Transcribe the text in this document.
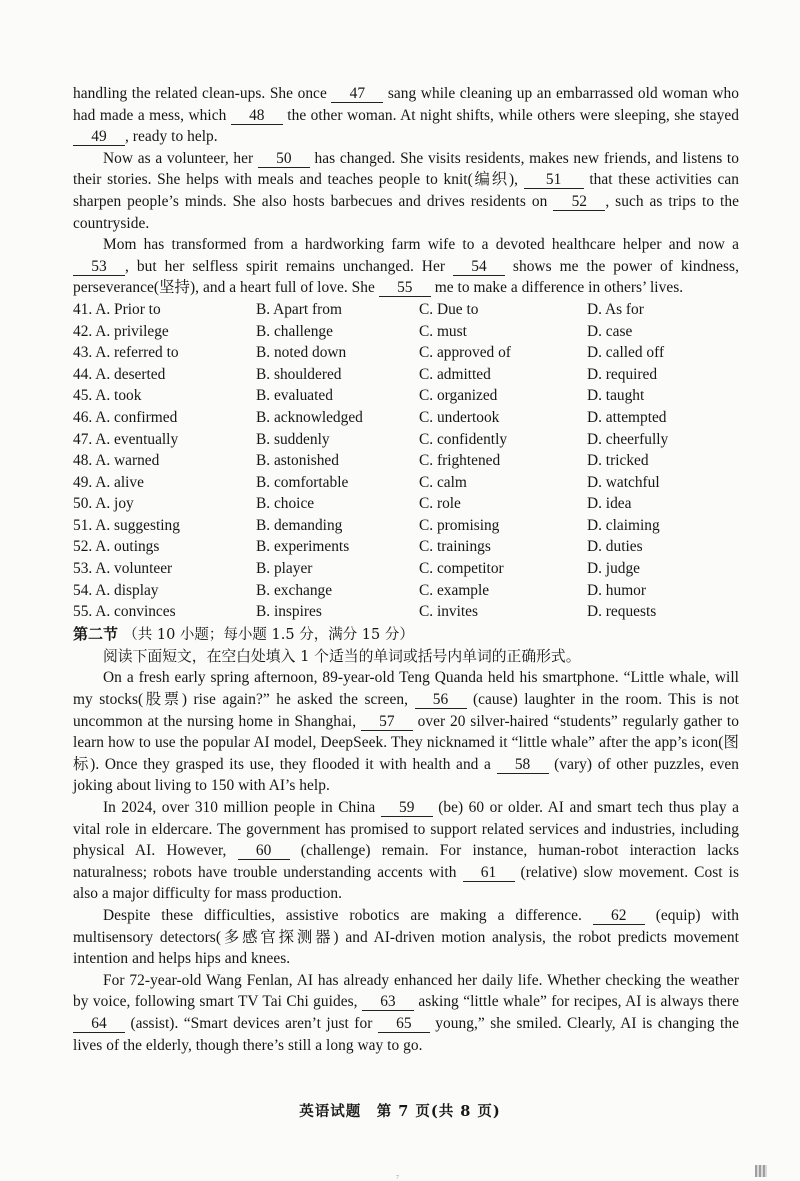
handling the related clean-ups. She once 47 sang while cleaning up an embarrassed old woman who had made a mess, which 48 the other woman. At night shifts, while others were sleeping, she stayed 49 , ready to help.

Now as a volunteer, her 50 has changed. She visits residents, makes new friends, and listens to their stories. She helps with meals and teaches people to knit(编织), 51 that these activities can sharpen people’s minds. She also hosts barbecues and drives residents on 52 , such as trips to the countryside.

Mom has transformed from a hardworking farm wife to a devoted healthcare helper and now a 53 , but her selfless spirit remains unchanged. Her 54 shows me the power of kindness, perseverance(坚持), and a heart full of love. She 55 me to make a difference in others’ lives.

41. A. Prior to	B. Apart from	C. Due to	D. As for
42. A. privilege	B. challenge	C. must	D. case
43. A. referred to	B. noted down	C. approved of	D. called off
44. A. deserted	B. shouldered	C. admitted	D. required
45. A. took	B. evaluated	C. organized	D. taught
46. A. confirmed	B. acknowledged	C. undertook	D. attempted
47. A. eventually	B. suddenly	C. confidently	D. cheerfully
48. A. warned	B. astonished	C. frightened	D. tricked
49. A. alive	B. comfortable	C. calm	D. watchful
50. A. joy	B. choice	C. role	D. idea
51. A. suggesting	B. demanding	C. promising	D. claiming
52. A. outings	B. experiments	C. trainings	D. duties
53. A. volunteer	B. player	C. competitor	D. judge
54. A. display	B. exchange	C. example	D. humor
55. A. convinces	B. inspires	C. invites	D. requests

第二节 （共 10 小题；每小题 1.5 分，满分 15 分）

阅读下面短文，在空白处填入 1 个适当的单词或括号内单词的正确形式。

On a fresh early spring afternoon, 89-year-old Teng Quanda held his smartphone. “Little whale, will my stocks(股票) rise again?” he asked the screen, 56 (cause) laughter in the room. This is not uncommon at the nursing home in Shanghai, 57 over 20 silver-haired “students” regularly gather to learn how to use the popular AI model, DeepSeek. They nicknamed it “little whale” after the app’s icon(图标). Once they grasped its use, they flooded it with health and a 58 (vary) of other puzzles, even joking about living to 150 with AI’s help.

In 2024, over 310 million people in China 59 (be) 60 or older. AI and smart tech thus play a vital role in eldercare. The government has promised to support related services and industries, including physical AI. However, 60 (challenge) remain. For instance, human-robot interaction lacks naturalness; robots have trouble understanding accents with 61 (relative) slow movement. Cost is also a major difficulty for mass production.

Despite these difficulties, assistive robotics are making a difference. 62 (equip) with multisensory detectors(多感官探测器) and AI-driven motion analysis, the robot predicts movement intention and helps hips and knees.

For 72-year-old Wang Fenlan, AI has already enhanced her daily life. Whether checking the weather by voice, following smart TV Tai Chi guides, 63 asking “little whale” for recipes, AI is always there 64 (assist). “Smart devices aren’t just for 65 young,” she smiled. Clearly, AI is changing the lives of the elderly, though there’s still a long way to go.

英语试题　第 7 页(共 8 页)
7
